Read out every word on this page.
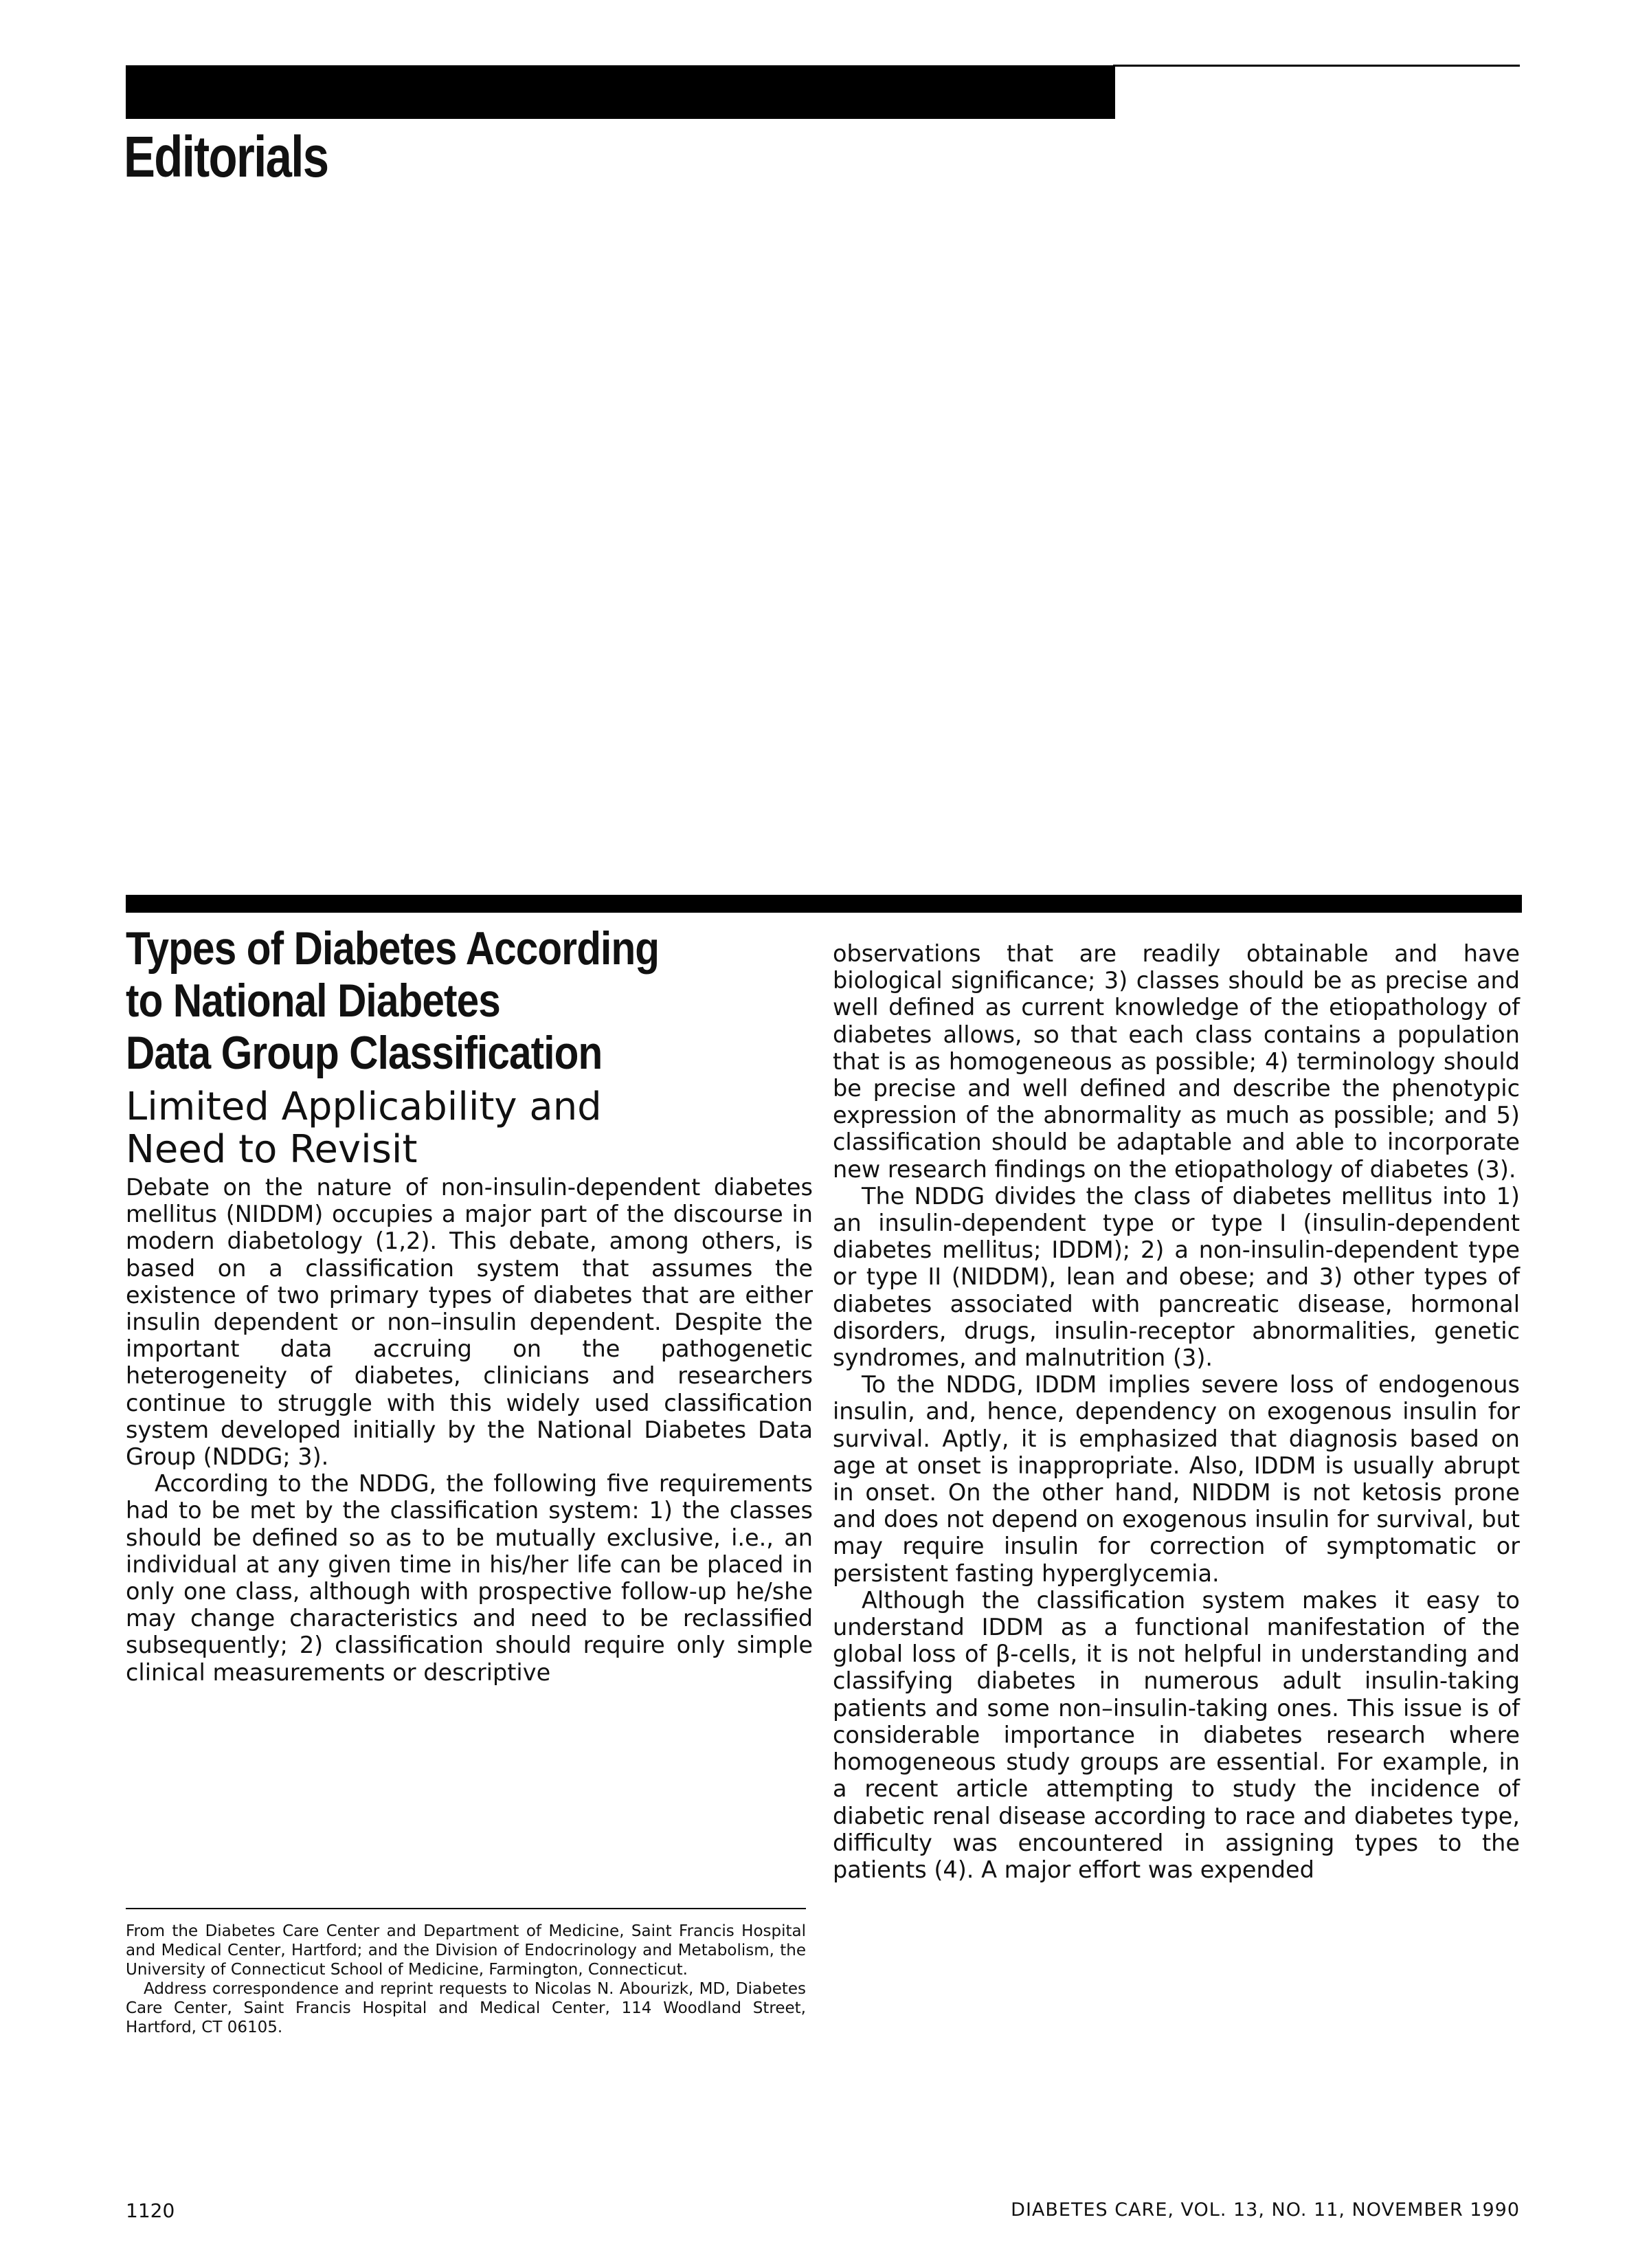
Editorials
Types of Diabetes According
to National Diabetes
Data Group Classification
Limited Applicability and
Need to Revisit

Debate on the nature of non-insulin-dependent diabetes mellitus (NIDDM) occupies a major part of the discourse in modern diabetology (1,2). This debate, among others, is based on a classification system that assumes the existence of two primary types of diabetes that are either insulin dependent or non–insulin dependent. Despite the important data accruing on the pathogenetic heterogeneity of diabetes, clinicians and researchers continue to struggle with this widely used classification system developed initially by the National Diabetes Data Group (NDDG; 3).

According to the NDDG, the following five requirements had to be met by the classification system: 1) the classes should be defined so as to be mutually exclusive, i.e., an individual at any given time in his/her life can be placed in only one class, although with prospective follow-up he/she may change characteristics and need to be reclassified subsequently; 2) classification should require only simple clinical measurements or descriptive

observations that are readily obtainable and have biological significance; 3) classes should be as precise and well defined as current knowledge of the etiopathology of diabetes allows, so that each class contains a population that is as homogeneous as possible; 4) terminology should be precise and well defined and describe the phenotypic expression of the abnormality as much as possible; and 5) classification should be adaptable and able to incorporate new research findings on the etiopathology of diabetes (3).

The NDDG divides the class of diabetes mellitus into 1) an insulin-dependent type or type I (insulin-dependent diabetes mellitus; IDDM); 2) a non-insulin-dependent type or type II (NIDDM), lean and obese; and 3) other types of diabetes associated with pancreatic disease, hormonal disorders, drugs, insulin-receptor abnormalities, genetic syndromes, and malnutrition (3).

To the NDDG, IDDM implies severe loss of endogenous insulin, and, hence, dependency on exogenous insulin for survival. Aptly, it is emphasized that diagnosis based on age at onset is inappropriate. Also, IDDM is usually abrupt in onset. On the other hand, NIDDM is not ketosis prone and does not depend on exogenous insulin for survival, but may require insulin for correction of symptomatic or persistent fasting hyperglycemia.

Although the classification system makes it easy to understand IDDM as a functional manifestation of the global loss of β-cells, it is not helpful in understanding and classifying diabetes in numerous adult insulin-taking patients and some non–insulin-taking ones. This issue is of considerable importance in diabetes research where homogeneous study groups are essential. For example, in a recent article attempting to study the incidence of diabetic renal disease according to race and diabetes type, difficulty was encountered in assigning types to the patients (4). A major effort was expended

From the Diabetes Care Center and Department of Medicine, Saint Francis Hospital and Medical Center, Hartford; and the Division of Endocrinology and Metabolism, the University of Connecticut School of Medicine, Farmington, Connecticut.

Address correspondence and reprint requests to Nicolas N. Abourizk, MD, Diabetes Care Center, Saint Francis Hospital and Medical Center, 114 Woodland Street, Hartford, CT 06105.

1120	DIABETES CARE, VOL. 13, NO. 11, NOVEMBER 1990
